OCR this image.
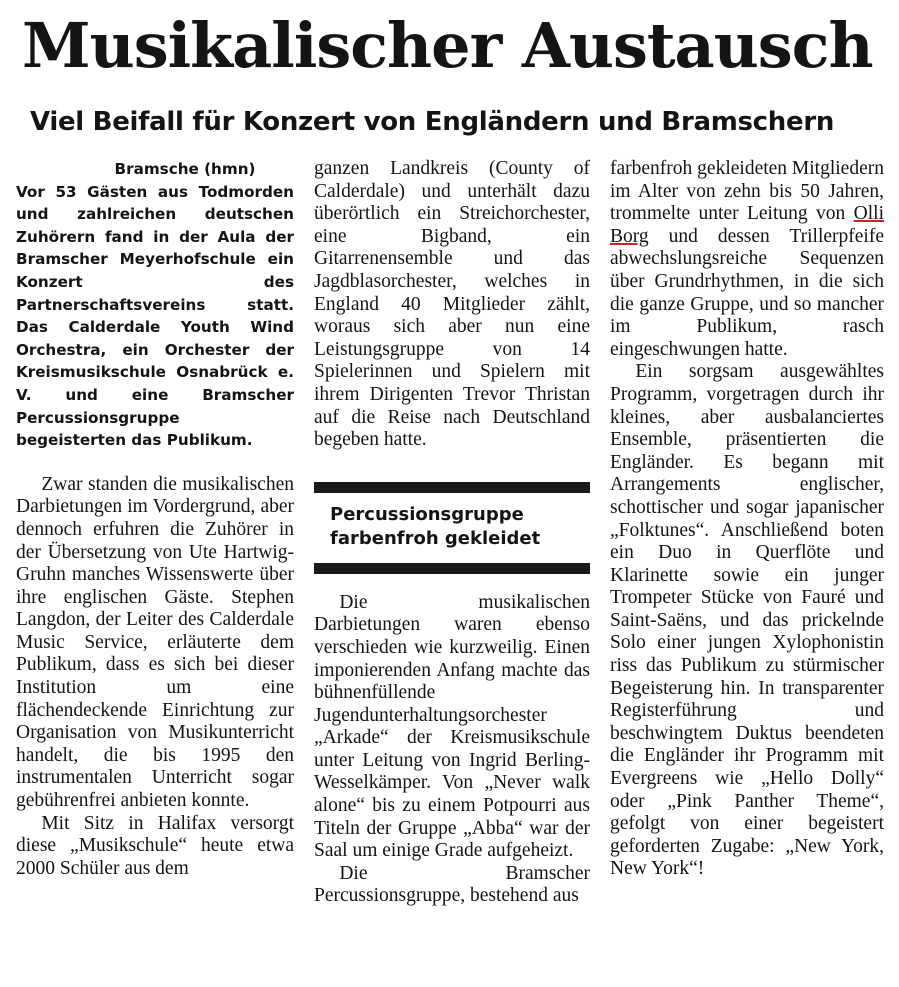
Musikalischer Austausch
Viel Beifall für Konzert von Engländern und Bramschern

Bramsche (hmn)
Vor 53 Gästen aus Todmorden und zahlreichen deutschen Zuhörern fand in der Aula der Bramscher Meyerhofschule ein Konzert des Partnerschaftsvereins statt. Das Calderdale Youth Wind Orchestra, ein Orchester der Kreismusikschule Osnabrück e. V. und eine Bramscher Percussionsgruppe begeisterten das Publikum.

Zwar standen die musikalischen Darbietungen im Vordergrund, aber dennoch erfuhren die Zuhörer in der Übersetzung von Ute Hartwig-Gruhn manches Wissenswerte über ihre englischen Gäste. Stephen Langdon, der Leiter des Calderdale Music Service, erläuterte dem Publikum, dass es sich bei dieser Institution um eine flächendeckende Einrichtung zur Organisation von Musikunterricht handelt, die bis 1995 den instrumentalen Unterricht sogar gebührenfrei anbieten konnte.

Mit Sitz in Halifax versorgt diese „Musikschule“ heute etwa 2000 Schüler aus dem

ganzen Landkreis (County of Calderdale) und unterhält dazu überörtlich ein Streichorchester, eine Bigband, ein Gitarrenensemble und das Jagdblasorchester, welches in England 40 Mitglieder zählt, woraus sich aber nun eine Leistungsgruppe von 14 Spielerinnen und Spielern mit ihrem Dirigenten Trevor Thristan auf die Reise nach Deutschland begeben hatte.

Percussionsgruppe
farbenfroh gekleidet

Die musikalischen Darbietungen waren ebenso verschieden wie kurzweilig. Einen imponierenden Anfang machte das bühnenfüllende Jugendunterhaltungsorchester „Arkade“ der Kreismusikschule unter Leitung von Ingrid Berling-Wesselkämper. Von „Never walk alone“ bis zu einem Potpourri aus Titeln der Gruppe „Abba“ war der Saal um einige Grade aufgeheizt.

Die Bramscher Percussionsgruppe, bestehend aus

farbenfroh gekleideten Mitgliedern im Alter von zehn bis 50 Jahren, trommelte unter Leitung von Olli Borg und dessen Trillerpfeife abwechslungsreiche Sequenzen über Grundrhythmen, in die sich die ganze Gruppe, und so mancher im Publikum, rasch eingeschwungen hatte.

Ein sorgsam ausgewähltes Programm, vorgetragen durch ihr kleines, aber ausbalanciertes Ensemble, präsentierten die Engländer. Es begann mit Arrangements englischer, schottischer und sogar japanischer „Folktunes“. Anschließend boten ein Duo in Querflöte und Klarinette sowie ein junger Trompeter Stücke von Fauré und Saint-Saëns, und das prickelnde Solo einer jungen Xylophonistin riss das Publikum zu stürmischer Begeisterung hin. In transparenter Registerführung und beschwingtem Duktus beendeten die Engländer ihr Programm mit Evergreens wie „Hello Dolly“ oder „Pink Panther Theme“, gefolgt von einer begeistert geforderten Zugabe: „New York, New York“!
